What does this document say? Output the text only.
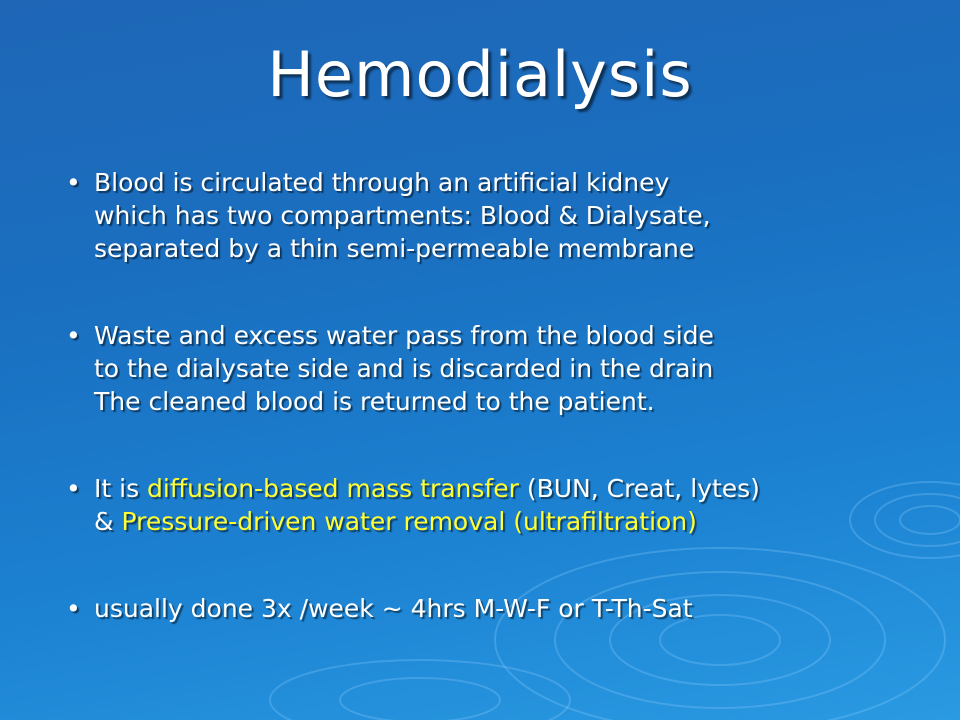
Hemodialysis
• Blood is circulated through an artificial kidney
which has two compartments: Blood & Dialysate,
separated by a thin semi-permeable membrane
• Waste and excess water pass from the blood side
to the dialysate side and is discarded in the drain
The cleaned blood is returned to the patient.
• It is diffusion-based mass transfer (BUN, Creat, lytes)
& Pressure-driven water removal (ultrafiltration)
• usually done 3x /week ~ 4hrs M-W-F or T-Th-Sat
